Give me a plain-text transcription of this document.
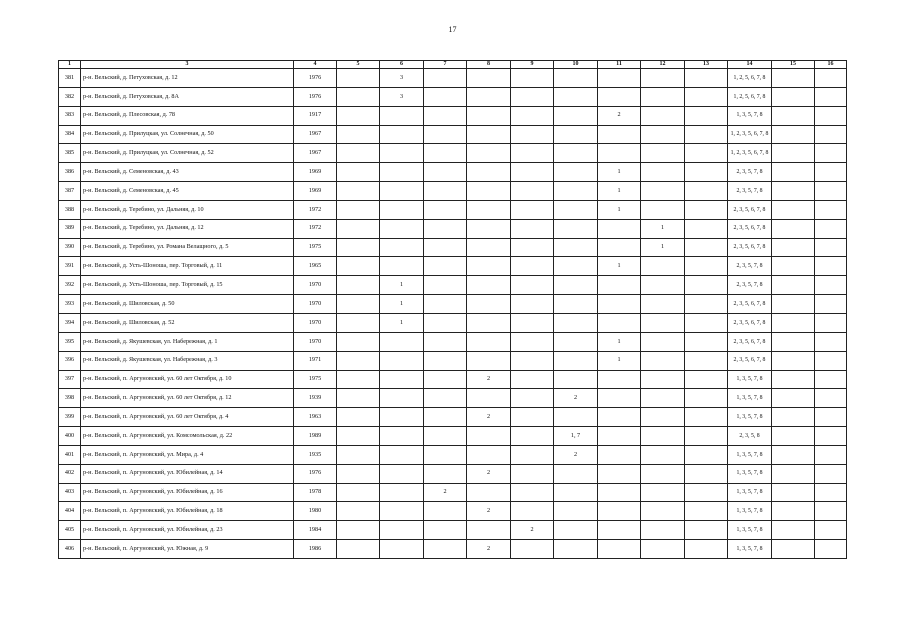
17
1	3	4	5	6	7	8	9	10	11	12	13	14	15	16
381	р-н. Вельский, д. Петуховская, д. 12	1976		3								1, 2, 5, 6, 7, 8		
382	р-н. Вельский, д. Петуховская, д. 8А	1976		3								1, 2, 5, 6, 7, 8		
383	р-н. Вельский, д. Плесовская, д. 78	1917							2			1, 3, 5, 7, 8		
384	р-н. Вельский, д. Прилуцкая, ул. Солнечная, д. 50	1967										1, 2, 3, 5, 6, 7, 8		
385	р-н. Вельский, д. Прилуцкая, ул. Солнечная, д. 52	1967										1, 2, 3, 5, 6, 7, 8		
386	р-н. Вельский, д. Семеновская, д. 43	1969							1			2, 3, 5, 7, 8		
387	р-н. Вельский, д. Семеновская, д. 45	1969							1			2, 3, 5, 7, 8		
388	р-н. Вельский, д. Теребино, ул. Дальняя, д. 10	1972							1			2, 3, 5, 6, 7, 8		
389	р-н. Вельский, д. Теребино, ул. Дальняя, д. 12	1972								1		2, 3, 5, 6, 7, 8		
390	р-н. Вельский, д. Теребино, ул. Романа Велащного, д. 5	1975								1		2, 3, 5, 6, 7, 8		
391	р-н. Вельский, д. Усть-Шоноша, пер. Торговый, д. 11	1965							1			2, 3, 5, 7, 8		
392	р-н. Вельский, д. Усть-Шоноша, пер. Торговый, д. 15	1970		1								2, 3, 5, 7, 8		
393	р-н. Вельский, д. Шиловская, д. 50	1970		1								2, 3, 5, 6, 7, 8		
394	р-н. Вельский, д. Шиловская, д. 52	1970		1								2, 3, 5, 6, 7, 8		
395	р-н. Вельский, д. Якушевская, ул. Набережная, д. 1	1970							1			2, 3, 5, 6, 7, 8		
396	р-н. Вельский, д. Якушевская, ул. Набережная, д. 3	1971							1			2, 3, 5, 6, 7, 8		
397	р-н. Вельский, п. Аргуновский, ул. 60 лет Октября, д. 10	1975				2						1, 3, 5, 7, 8		
398	р-н. Вельский, п. Аргуновский, ул. 60 лет Октября, д. 12	1939						2				1, 3, 5, 7, 8		
399	р-н. Вельский, п. Аргуновский, ул. 60 лет Октября, д. 4	1963				2						1, 3, 5, 7, 8		
400	р-н. Вельский, п. Аргуновский, ул. Комсомольская, д. 22	1989						1, 7				2, 3, 5, 8		
401	р-н. Вельский, п. Аргуновский, ул. Мира, д. 4	1935						2				1, 3, 5, 7, 8		
402	р-н. Вельский, п. Аргуновский, ул. Юбилейная, д. 14	1976				2						1, 3, 5, 7, 8		
403	р-н. Вельский, п. Аргуновский, ул. Юбилейная, д. 16	1978			2							1, 3, 5, 7, 8		
404	р-н. Вельский, п. Аргуновский, ул. Юбилейная, д. 18	1980				2						1, 3, 5, 7, 8		
405	р-н. Вельский, п. Аргуновский, ул. Юбилейная, д. 23	1984					2					1, 3, 5, 7, 8		
406	р-н. Вельский, п. Аргуновский, ул. Южная, д. 9	1986				2						1, 3, 5, 7, 8		
